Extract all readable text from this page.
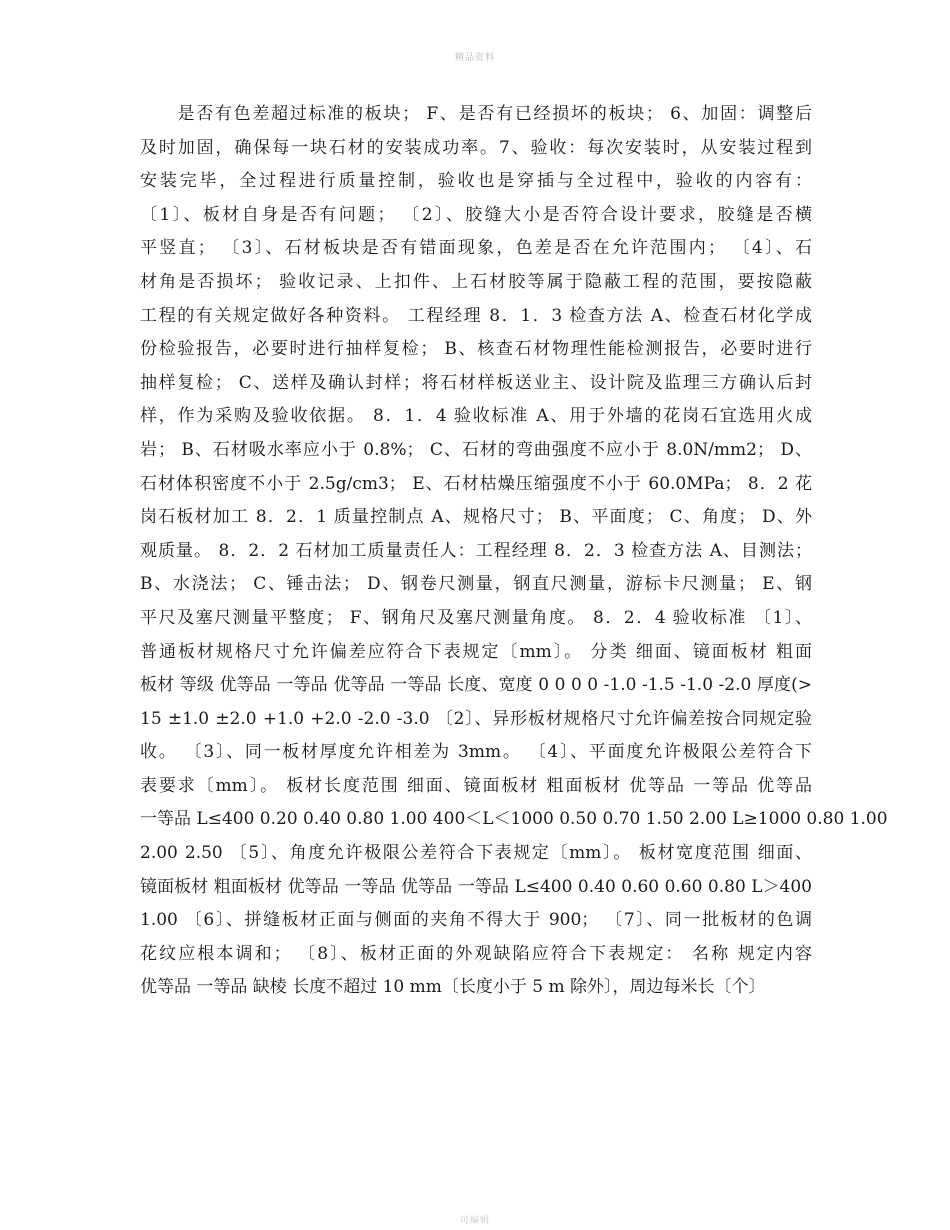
精品资料
　　是否有色差超过标准的板块； F、是否有已经损坏的板块； 6、加固：调整后
及时加固，确保每一块石材的安装成功率。7、验收：每次安装时，从安装过程到
安装完毕，全过程进行质量控制，验收也是穿插与全过程中，验收的内容有：
〔1〕、板材自身是否有问题； 〔2〕、胶缝大小是否符合设计要求，胶缝是否横
平竖直； 〔3〕、石材板块是否有错面现象，色差是否在允许范围内； 〔4〕、石
材角是否损坏； 验收记录、上扣件、上石材胶等属于隐蔽工程的范围，要按隐蔽
工程的有关规定做好各种资料。 工程经理 8．1．3 检查方法 A、检查石材化学成
份检验报告，必要时进行抽样复检； B、核查石材物理性能检测报告，必要时进行
抽样复检； C、送样及确认封样；将石材样板送业主、设计院及监理三方确认后封
样，作为采购及验收依据。 8．1．4 验收标准 A、用于外墙的花岗石宜选用火成
岩； B、石材吸水率应小于 0.8%； C、石材的弯曲强度不应小于 8.0N/mm2； D、
石材体积密度不小于 2.5g/cm3； E、石材枯燥压缩强度不小于 60.0MPa； 8．2 花
岗石板材加工 8．2．1 质量控制点 A、规格尺寸； B、平面度； C、角度； D、外
观质量。 8．2．2 石材加工质量责任人：工程经理 8．2．3 检查方法 A、目测法；
B、水浇法； C、锤击法； D、钢卷尺测量，钢直尺测量，游标卡尺测量； E、钢
平尺及塞尺测量平整度； F、钢角尺及塞尺测量角度。 8．2．4 验收标准 〔1〕、
普通板材规格尺寸允许偏差应符合下表规定〔mm〕。 分类 细面、镜面板材 粗面
板材 等级 优等品 一等品 优等品 一等品 长度、宽度 0 0 0 0 -1.0 -1.5 -1.0 -2.0 厚度(>
15 ±1.0 ±2.0 +1.0 +2.0 -2.0 -3.0 〔2〕、异形板材规格尺寸允许偏差按合同规定验
收。 〔3〕、同一板材厚度允许相差为 3mm。 〔4〕、平面度允许极限公差符合下
表要求〔mm〕。 板材长度范围 细面、镜面板材 粗面板材 优等品 一等品 优等品
一等品 L≤400 0.20 0.40 0.80 1.00 400＜L＜1000 0.50 0.70 1.50 2.00 L≥1000 0.80 1.00
2.00 2.50 〔5〕、角度允许极限公差符合下表规定〔mm〕。 板材宽度范围 细面、
镜面板材 粗面板材 优等品 一等品 优等品 一等品 L≤400 0.40 0.60 0.60 0.80 L＞400
1.00 〔6〕、拼缝板材正面与侧面的夹角不得大于 900； 〔7〕、同一批板材的色调
花纹应根本调和； 〔8〕、板材正面的外观缺陷应符合下表规定： 名称 规定内容
优等品 一等品 缺棱 长度不超过 10 mm〔长度小于 5 m 除外〕，周边每米长〔个〕
可编辑
